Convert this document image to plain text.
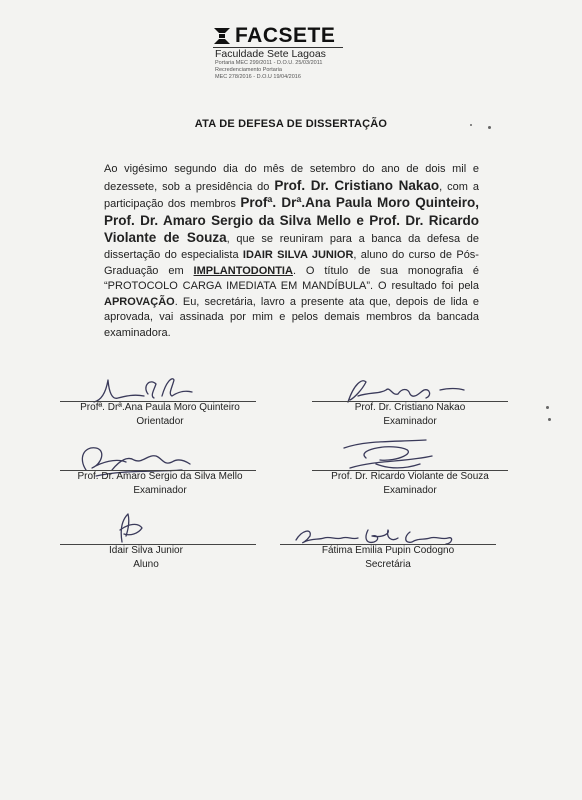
FACSETE
Faculdade Sete Lagoas
Portaria MEC 299/2011 - D.O.U. 25/03/2011
Recredenciamento Portaria
MEC 278/2016 - D.O.U 19/04/2016
ATA DE DEFESA DE DISSERTAÇÃO
Ao vigésimo segundo dia do mês de setembro do ano de dois mil e dezessete, sob a presidência do Prof. Dr. Cristiano Nakao, com a participação dos membros Profª. Drª.Ana Paula Moro Quinteiro, Prof. Dr. Amaro Sergio da Silva Mello e Prof. Dr. Ricardo Violante de Souza, que se reuniram para a banca da defesa de dissertação do especialista IDAIR SILVA JUNIOR, aluno do curso de Pós-Graduação em IMPLANTODONTIA. O título de sua monografia é “PROTOCOLO CARGA IMEDIATA EM MANDÍBULA”. O resultado foi pela APROVAÇÃO. Eu, secretária, lavro a presente ata que, depois de lida e aprovada, vai assinada por mim e pelos demais membros da bancada examinadora.
Profª. Drª.Ana Paula Moro Quinteiro
Orientador
Prof. Dr. Cristiano Nakao
Examinador
Prof. Dr. Amaro Sergio da Silva Mello
Examinador
Prof. Dr. Ricardo Violante de Souza
Examinador
Idair Silva Junior
Aluno
Fátima Emilia Pupin Codogno
Secretária
